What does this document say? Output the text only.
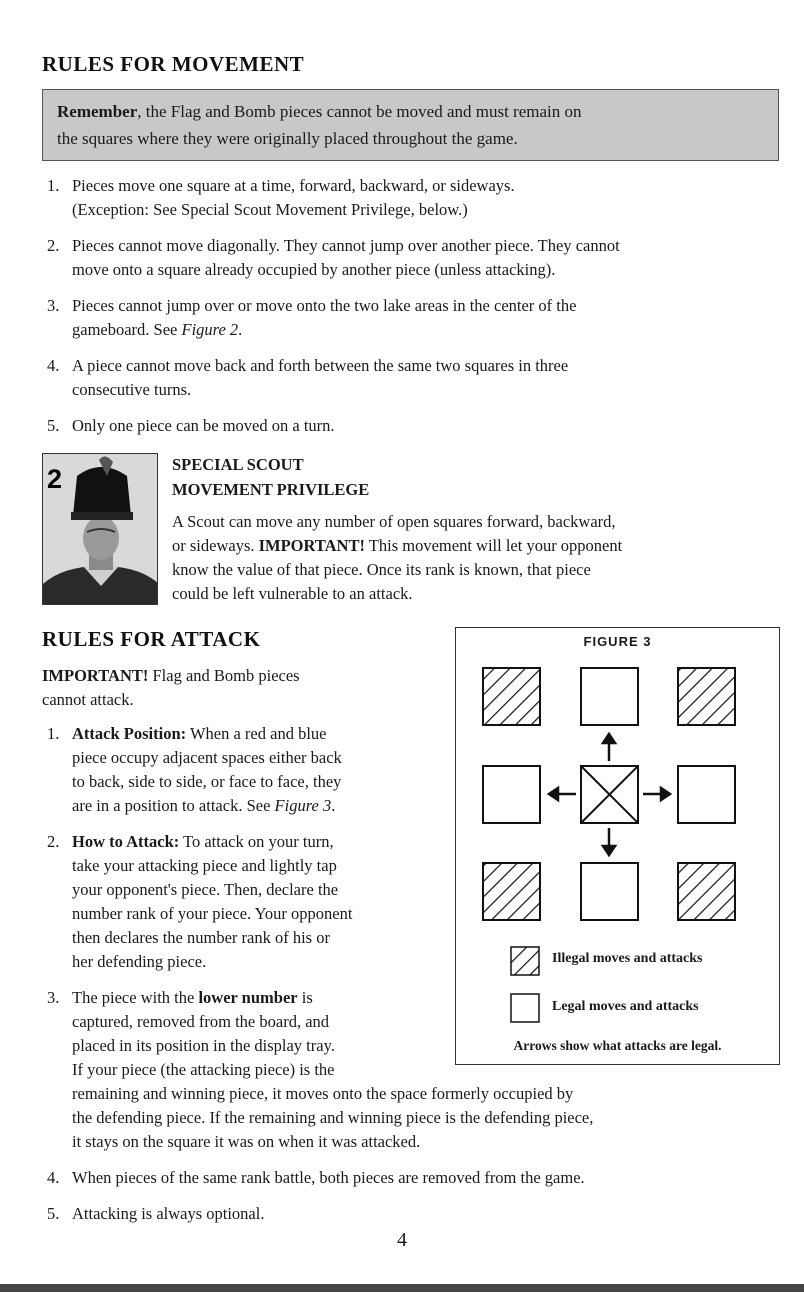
RULES FOR MOVEMENT
Remember, the Flag and Bomb pieces cannot be moved and must remain on
the squares where they were originally placed throughout the game.
1. Pieces move one square at a time, forward, backward, or sideways.
(Exception: See Special Scout Movement Privilege, below.)
2. Pieces cannot move diagonally. They cannot jump over another piece. They cannot
move onto a square already occupied by another piece (unless attacking).
3. Pieces cannot jump over or move onto the two lake areas in the center of the
gameboard. See Figure 2.
4. A piece cannot move back and forth between the same two squares in three
consecutive turns.
5. Only one piece can be moved on a turn.
2	SPECIAL SCOUT
MOVEMENT PRIVILEGE
A Scout can move any number of open squares forward, backward,
or sideways. IMPORTANT! This movement will let your opponent
know the value of that piece. Once its rank is known, that piece
could be left vulnerable to an attack.
RULES FOR ATTACK
IMPORTANT! Flag and Bomb pieces
cannot attack.
1. Attack Position: When a red and blue
piece occupy adjacent spaces either back
to back, side to side, or face to face, they
are in a position to attack. See Figure 3.
2. How to Attack: To attack on your turn,
take your attacking piece and lightly tap
your opponent's piece. Then, declare the
number rank of your piece. Your opponent
then declares the number rank of his or
her defending piece.
3. The piece with the lower number is
captured, removed from the board, and
placed in its position in the display tray.
If your piece (the attacking piece) is the
remaining and winning piece, it moves onto the space formerly occupied by
the defending piece. If the remaining and winning piece is the defending piece,
it stays on the square it was on when it was attacked.
4. When pieces of the same rank battle, both pieces are removed from the game.
5. Attacking is always optional.
FIGURE 3
Illegal moves and attacks
Legal moves and attacks
Arrows show what attacks are legal.
4
